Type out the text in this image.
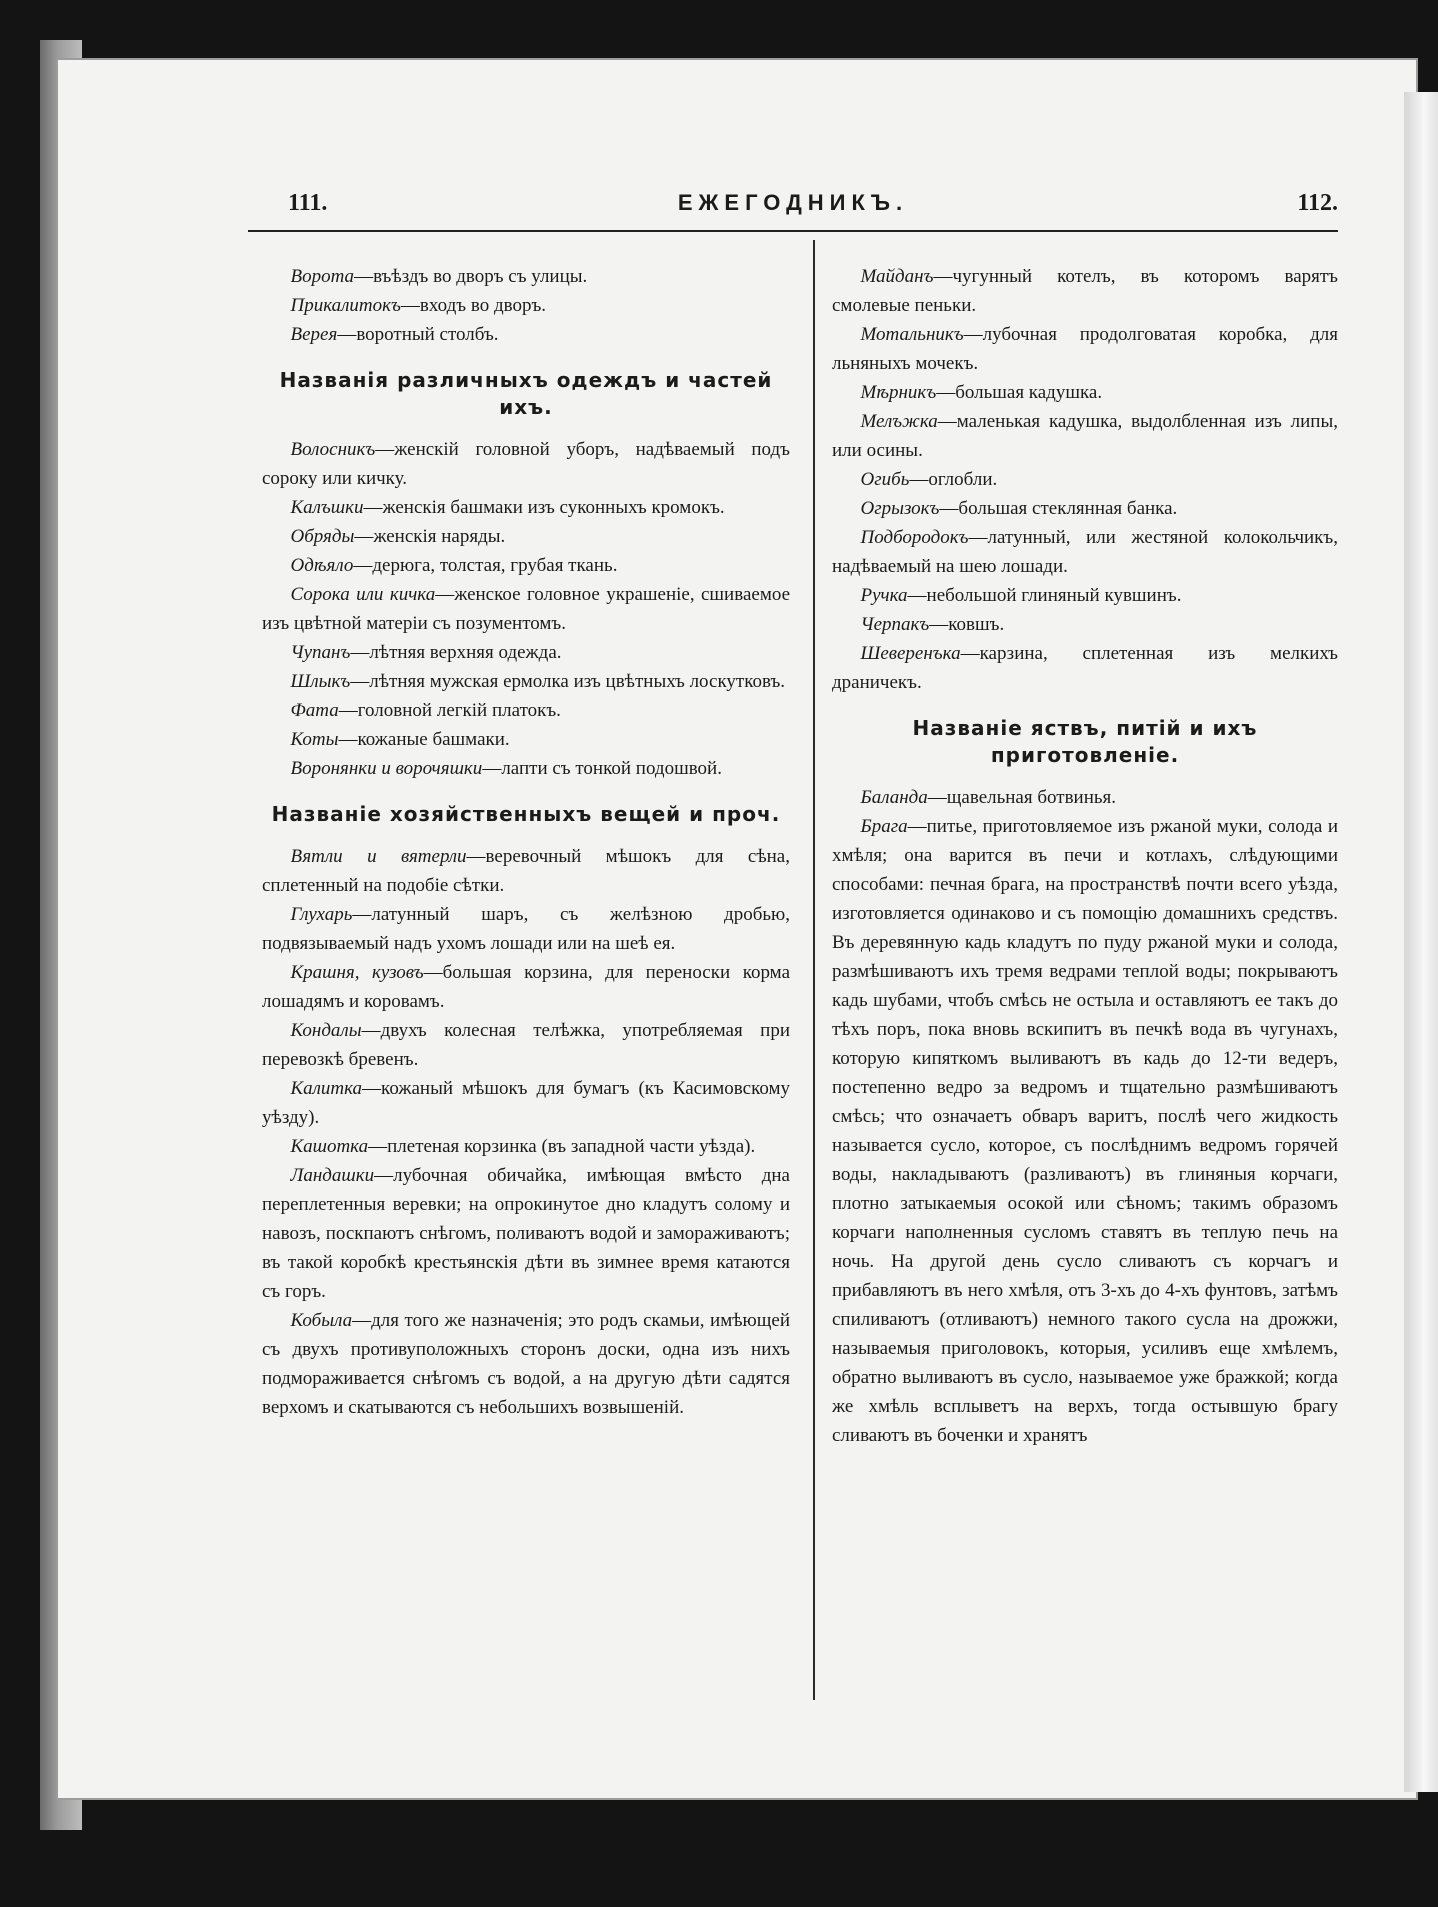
111.	ЕЖЕГОДНИКЪ.	112.

Ворота—въѣздъ во дворъ съ улицы.

Прикалитокъ—входъ во дворъ.

Верея—воротный столбъ.

Названія различныхъ одеждъ и частей ихъ.

Волосникъ—женскій головной уборъ, надѣваемый подъ сороку или кичку.

Калъшки—женскія башмаки изъ суконныхъ кромокъ.

Обряды—женскія наряды.

Одѣяло—дерюга, толстая, грубая ткань.

Сорока или кичка—женское головное украшеніе, сшиваемое изъ цвѣтной матеріи съ позументомъ.

Чупанъ—лѣтняя верхняя одежда.

Шлыкъ—лѣтняя мужская ермолка изъ цвѣтныхъ лоскутковъ.

Фата—головной легкій платокъ.

Коты—кожаные башмаки.

Воронянки и ворочяшки—лапти съ тонкой подошвой.

Названіе хозяйственныхъ вещей и проч.

Вятли и вятерли—веревочный мѣшокъ для сѣна, сплетенный на подобіе сѣтки.

Глухарь—латунный шаръ, съ желѣзною дробью, подвязываемый надъ ухомъ лошади или на шеѣ ея.

Крашня, кузовъ—большая корзина, для переноски корма лошадямъ и коровамъ.

Кондалы—двухъ колесная телѣжка, употребляемая при перевозкѣ бревенъ.

Калитка—кожаный мѣшокъ для бумагъ (къ Касимовскому уѣзду).

Кашотка—плетеная корзинка (въ западной части уѣзда).

Ландашки—лубочная обичайка, имѣющая вмѣсто дна переплетенныя веревки; на опрокинутое дно кладутъ солому и навозъ, поскпаютъ снѣгомъ, поливаютъ водой и замораживаютъ; въ такой коробкѣ крестьянскія дѣти въ зимнее время катаются съ горъ.

Кобыла—для того же назначенія; это родъ скамьи, имѣющей съ двухъ противуположныхъ сторонъ доски, одна изъ нихъ подмораживается снѣгомъ съ водой, а на другую дѣти садятся верхомъ и скатываются съ небольшихъ возвышеній.

Майданъ—чугунный котелъ, въ которомъ варятъ смолевые пеньки.

Мотальникъ—лубочная продолговатая коробка, для льняныхъ мочекъ.

Мѣрникъ—большая кадушка.

Мелъжка—маленькая кадушка, выдолбленная изъ липы, или осины.

Огибь—оглобли.

Огрызокъ—большая стеклянная банка.

Подбородокъ—латунный, или жестяной колокольчикъ, надѣваемый на шею лошади.

Ручка—небольшой глиняный кувшинъ.

Черпакъ—ковшъ.

Шеверенъка—карзина, сплетенная изъ мелкихъ драничекъ.

Названіе яствъ, питій и ихъ приготовленіе.

Баланда—щавельная ботвинья.

Брага—питье, приготовляемое изъ ржаной муки, солода и хмѣля; она варится въ печи и котлахъ, слѣдующими способами: печная брага, на пространствѣ почти всего уѣзда, изготовляется одинаково и съ помощію домашнихъ средствъ. Въ деревянную кадь кладутъ по пуду ржаной муки и солода, размѣшиваютъ ихъ тремя ведрами теплой воды; покрываютъ кадь шубами, чтобъ смѣсь не остыла и оставляютъ ее такъ до тѣхъ поръ, пока вновь вскипитъ въ печкѣ вода въ чугунахъ, которую кипяткомъ выливаютъ въ кадь до 12-ти ведеръ, постепенно ведро за ведромъ и тщательно размѣшиваютъ смѣсь; что означаетъ обваръ варитъ, послѣ чего жидкость называется сусло, которое, съ послѣднимъ ведромъ горячей воды, накладываютъ (разливаютъ) въ глиняныя корчаги, плотно затыкаемыя осокой или сѣномъ; такимъ образомъ корчаги наполненныя сусломъ ставятъ въ теплую печь на ночь. На другой день сусло сливаютъ съ корчагъ и прибавляютъ въ него хмѣля, отъ 3-хъ до 4-хъ фунтовъ, затѣмъ спиливаютъ (отливаютъ) немного такого сусла на дрожжи, называемыя приголовокъ, которыя, усиливъ еще хмѣлемъ, обратно выливаютъ въ сусло, называемое уже бражкой; когда же хмѣль всплыветъ на верхъ, тогда остывшую брагу сливаютъ въ боченки и хранятъ
